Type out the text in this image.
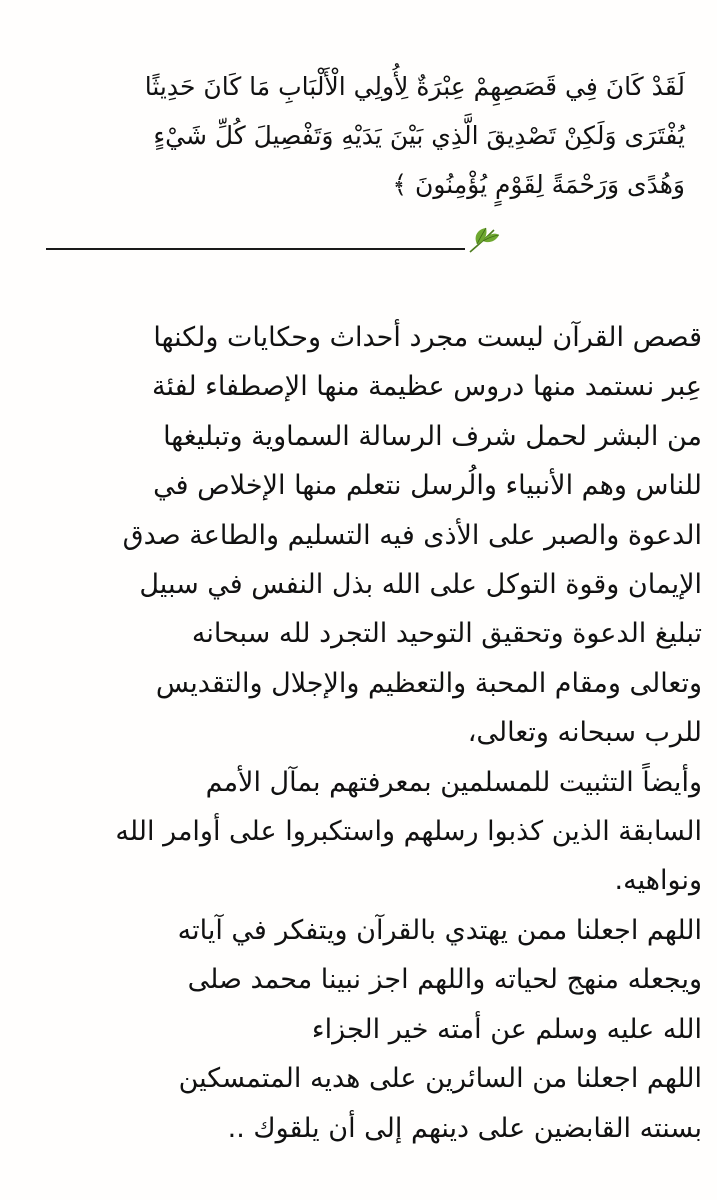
لَقَدْ كَانَ فِي قَصَصِهِمْ عِبْرَةٌ لِأُولِي الْأَلْبَابِ مَا كَانَ حَدِيثًا
يُفْتَرَى وَلَكِنْ تَصْدِيقَ الَّذِي بَيْنَ يَدَيْهِ وَتَفْصِيلَ كُلِّ شَيْءٍ
وَهُدًى وَرَحْمَةً لِقَوْمٍ يُؤْمِنُونَ ﴾
قصص القرآن ليست مجرد أحداث وحكايات ولكنها
عِبر نستمد منها دروس عظيمة منها الإصطفاء لفئة
من البشر لحمل شرف الرسالة السماوية وتبليغها
للناس وهم الأنبياء والُرسل نتعلم منها الإخلاص في
الدعوة والصبر على الأذى فيه التسليم والطاعة صدق
الإيمان وقوة التوكل على الله بذل النفس في سبيل
تبليغ الدعوة وتحقيق التوحيد التجرد لله سبحانه
وتعالى ومقام المحبة والتعظيم والإجلال والتقديس
للرب سبحانه وتعالى،
وأيضاً التثبيت للمسلمين بمعرفتهم بمآل الأمم
السابقة الذين كذبوا رسلهم واستكبروا على أوامر الله
ونواهيه.
اللهم اجعلنا ممن يهتدي بالقرآن ويتفكر في آياته
ويجعله منهج لحياته واللهم اجز نبينا محمد صلى
الله عليه وسلم عن أمته خير الجزاء
اللهم اجعلنا من السائرين على هديه المتمسكين
بسنته القابضين على دينهم إلى أن يلقوك ..
